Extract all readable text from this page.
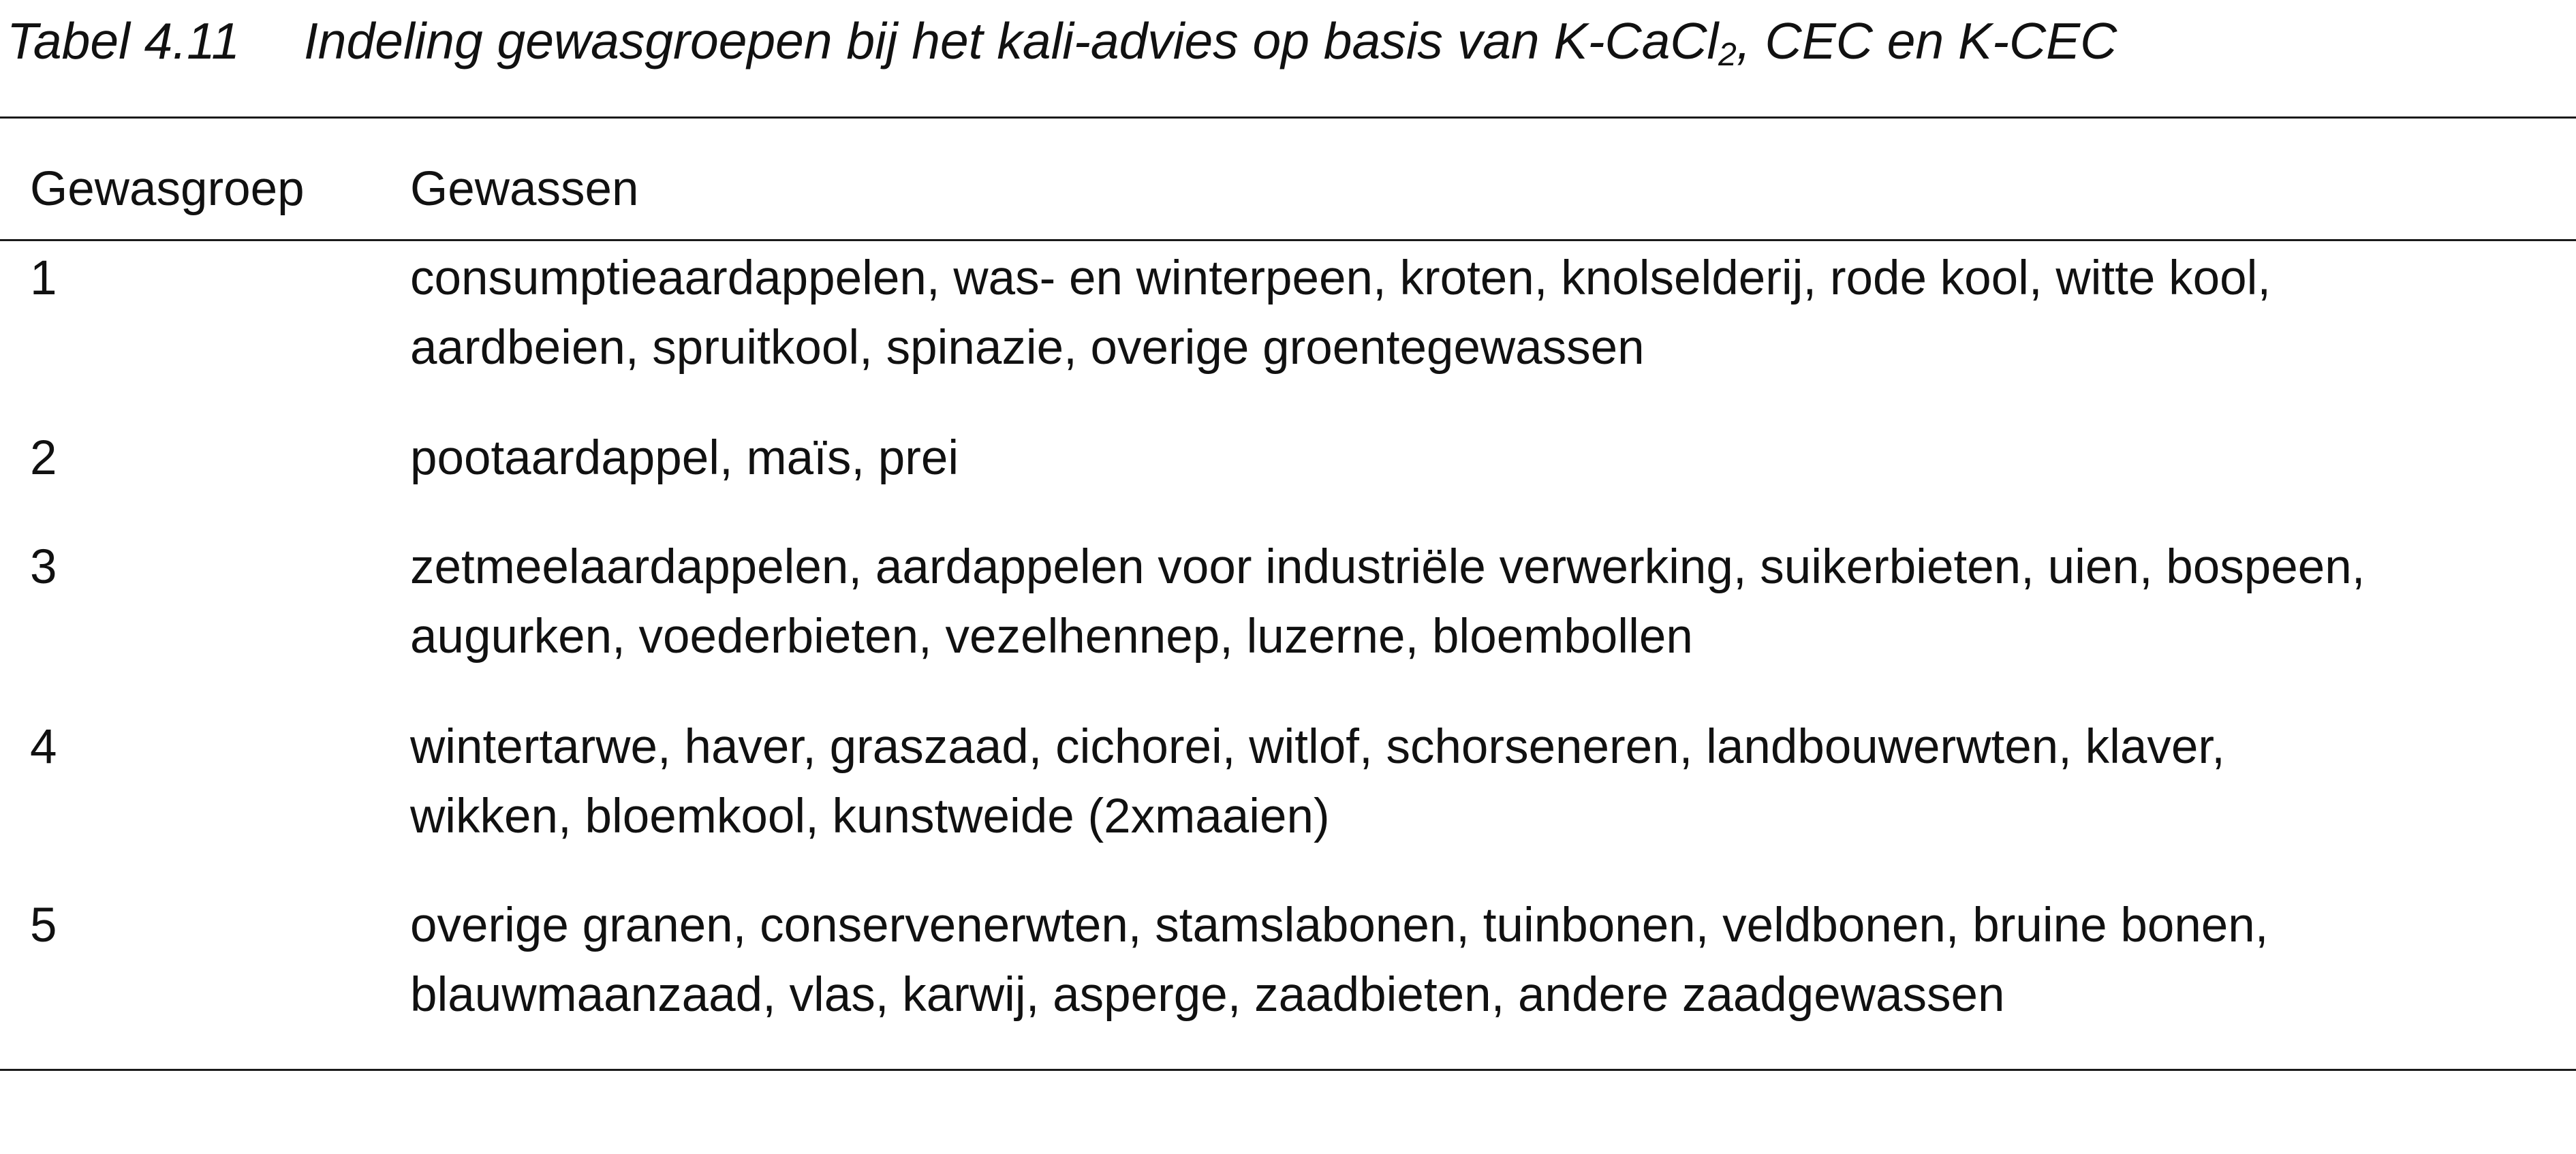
Tabel 4.11 Indeling gewasgroepen bij het kali-advies op basis van K-CaCl$_2$, CEC en K-CEC
Gewasgroep Gewassen
1	consumptieaardappelen, was- en winterpeen, kroten, knolselderij, rode kool, witte kool,
aardbeien, spruitkool, spinazie, overige groentegewassen
2	pootaardappel, maïs, prei
3	zetmeelaardappelen, aardappelen voor industriële verwerking, suikerbieten, uien, bospeen,
augurken, voederbieten, vezelhennep, luzerne, bloembollen
4	wintertarwe, haver, graszaad, cichorei, witlof, schorseneren, landbouwerwten, klaver,
wikken, bloemkool, kunstweide (2xmaaien)
5	overige granen, conservenerwten, stamslabonen, tuinbonen, veldbonen, bruine bonen,
blauwmaanzaad, vlas, karwij, asperge, zaadbieten, andere zaadgewassen
